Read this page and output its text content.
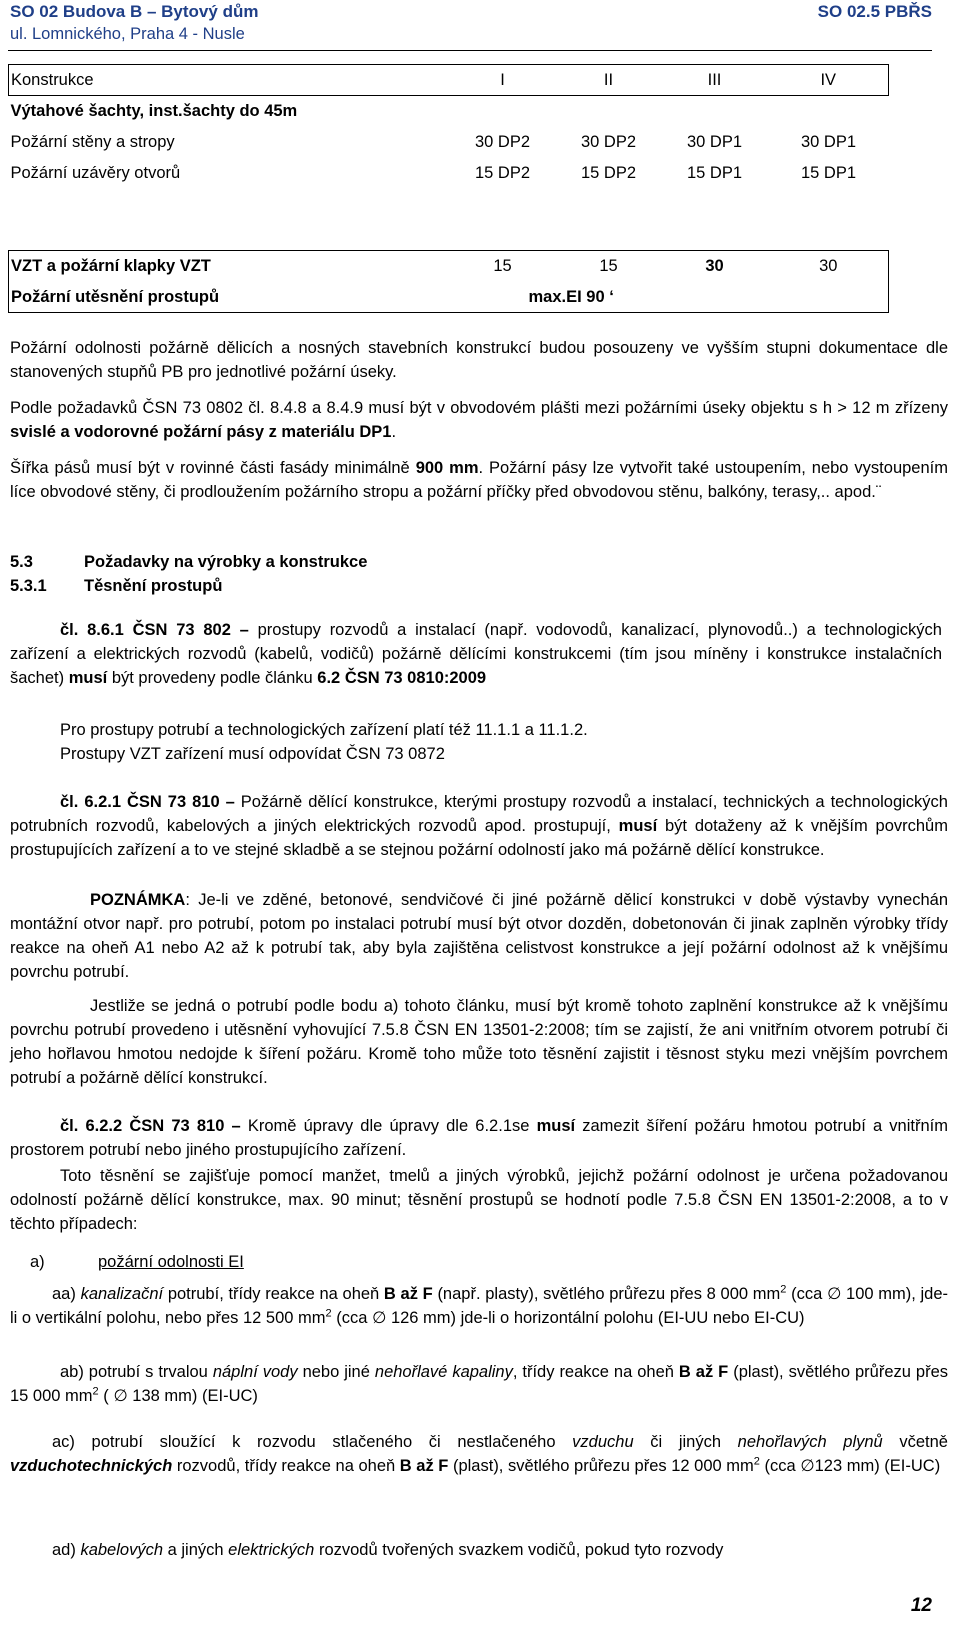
SO 02 Budova B – Bytový dům	SO 02.5 PBŘS
ul. Lomnického, Praha 4 - Nusle
Konstrukce	I	II	III	IV
Výtahové šachty, inst.šachty do 45m				
Požární stěny a stropy	30 DP2	30 DP2	30 DP1	30 DP1
Požární uzávěry otvorů	15 DP2	15 DP2	15 DP1	15 DP1
VZT a požární klapky VZT	15	15	30	30
Požární utěsnění prostupů	max.EI 90 ‘			
Požární odolnosti požárně dělicích a nosných stavebních konstrukcí budou posouzeny ve vyšším stupni dokumentace dle stanovených stupňů PB pro jednotlivé požární úseky.
Podle požadavků ČSN 73 0802 čl. 8.4.8 a 8.4.9 musí být v obvodovém plášti mezi požárními úseky objektu s h > 12 m zřízeny svislé a vodorovné požární pásy z materiálu DP1.
Šířka pásů musí být v rovinné části fasády minimálně 900 mm. Požární pásy lze vytvořit také ustoupením, nebo vystoupením líce obvodové stěny, či prodloužením požárního stropu a požární příčky před obvodovou stěnu, balkóny, terasy,.. apod.¨
5.3	Požadavky na výrobky a konstrukce
5.3.1 Těsnění prostupů
čl. 8.6.1 ČSN 73 802 – prostupy rozvodů a instalací (např. vodovodů, kanalizací, plynovodů..) a technologických zařízení a elektrických rozvodů (kabelů, vodičů) požárně dělícími konstrukcemi (tím jsou míněny i konstrukce instalačních šachet) musí být provedeny podle článku 6.2 ČSN 73 0810:2009
Pro prostupy potrubí a technologických zařízení platí též 11.1.1 a 11.1.2.
Prostupy VZT zařízení musí odpovídat ČSN 73 0872
čl. 6.2.1 ČSN 73 810 – Požárně dělící konstrukce, kterými prostupy rozvodů a instalací, technických a technologických potrubních rozvodů, kabelových a jiných elektrických rozvodů apod. prostupují, musí být dotaženy až k vnějším povrchům prostupujících zařízení a to ve stejné skladbě a se stejnou požární odolností jako má požárně dělící konstrukce.
POZNÁMKA: Je-li ve zděné, betonové, sendvičové či jiné požárně dělicí konstrukci v době výstavby vynechán montážní otvor např. pro potrubí, potom po instalaci potrubí musí být otvor dozděn, dobetonován či jinak zaplněn výrobky třídy reakce na oheň A1 nebo A2 až k potrubí tak, aby byla zajištěna celistvost konstrukce a její požární odolnost až k vnějšímu povrchu potrubí.
Jestliže se jedná o potrubí podle bodu a) tohoto článku, musí být kromě tohoto zaplnění konstrukce až k vnějšímu povrchu potrubí provedeno i utěsnění vyhovující 7.5.8 ČSN EN 13501-2:2008; tím se zajistí, že ani vnitřním otvorem potrubí či jeho hořlavou hmotou nedojde k šíření požáru. Kromě toho může toto těsnění zajistit i těsnost styku mezi vnějším povrchem potrubí a požárně dělící konstrukcí.
čl. 6.2.2 ČSN 73 810 – Kromě úpravy dle úpravy dle 6.2.1se musí zamezit šíření požáru hmotou potrubí a vnitřním prostorem potrubí nebo jiného prostupujícího zařízení.
Toto těsnění se zajišťuje pomocí manžet, tmelů a jiných výrobků, jejichž požární odolnost je určena požadovanou odolností požárně dělící konstrukce, max. 90 minut; těsnění prostupů se hodnotí podle 7.5.8 ČSN EN 13501-2:2008, a to v těchto případech:
a)	požární odolnosti EI
aa) kanalizační potrubí, třídy reakce na oheň B až F (např. plasty), světlého průřezu přes 8 000 $mm^2$ (cca ∅ 100 mm), jde-li o vertikální polohu, nebo přes 12 500 $mm^2$ (cca ∅ 126 mm) jde-li o horizontální polohu (EI-UU nebo EI-CU)
ab) potrubí s trvalou náplní vody nebo jiné nehořlavé kapaliny, třídy reakce na oheň B až F (plast), světlého průřezu přes 15 000 $mm^2$ ( ∅ 138 mm) (EI-UC)
ac) potrubí sloužící k rozvodu stlačeného či nestlačeného vzduchu či jiných nehořlavých plynů včetně vzduchotechnických rozvodů, třídy reakce na oheň B až F (plast), světlého průřezu přes 12 000 $mm^2$ (cca ∅123 mm) (EI-UC)
ad) kabelových a jiných elektrických rozvodů tvořených svazkem vodičů, pokud tyto rozvody
12
